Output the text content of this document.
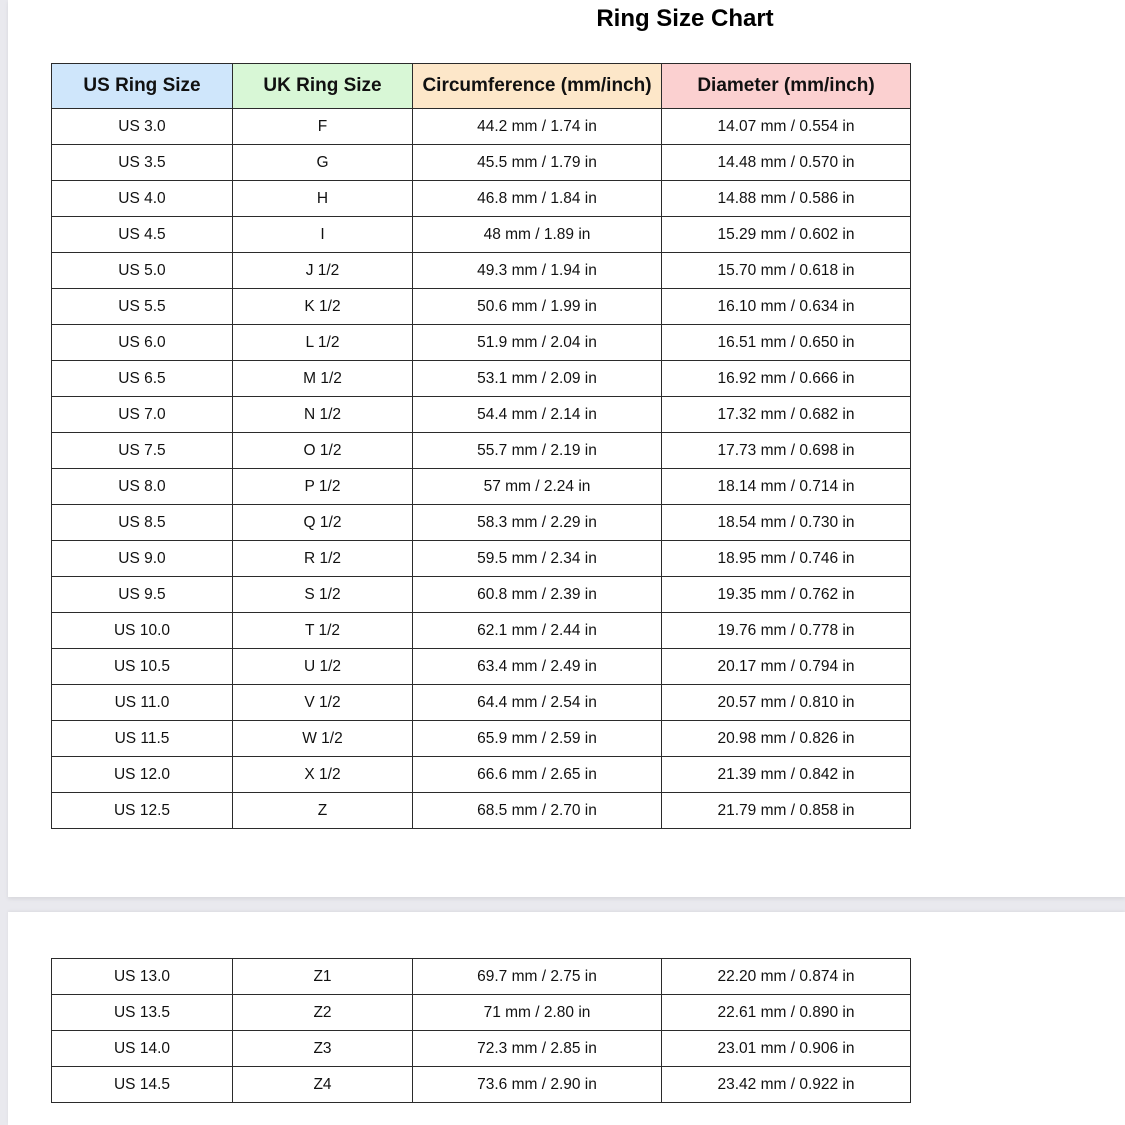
Ring Size Chart
US Ring Size	UK Ring Size	Circumference (mm/inch)	Diameter (mm/inch)
US 3.0	F	44.2 mm / 1.74 in	14.07 mm / 0.554 in
US 3.5	G	45.5 mm / 1.79 in	14.48 mm / 0.570 in
US 4.0	H	46.8 mm / 1.84 in	14.88 mm / 0.586 in
US 4.5	I	48 mm / 1.89 in	15.29 mm / 0.602 in
US 5.0	J 1/2	49.3 mm / 1.94 in	15.70 mm / 0.618 in
US 5.5	K 1/2	50.6 mm / 1.99 in	16.10 mm / 0.634 in
US 6.0	L 1/2	51.9 mm / 2.04 in	16.51 mm / 0.650 in
US 6.5	M 1/2	53.1 mm / 2.09 in	16.92 mm / 0.666 in
US 7.0	N 1/2	54.4 mm / 2.14 in	17.32 mm / 0.682 in
US 7.5	O 1/2	55.7 mm / 2.19 in	17.73 mm / 0.698 in
US 8.0	P 1/2	57 mm / 2.24 in	18.14 mm / 0.714 in
US 8.5	Q 1/2	58.3 mm / 2.29 in	18.54 mm / 0.730 in
US 9.0	R 1/2	59.5 mm / 2.34 in	18.95 mm / 0.746 in
US 9.5	S 1/2	60.8 mm / 2.39 in	19.35 mm / 0.762 in
US 10.0	T 1/2	62.1 mm / 2.44 in	19.76 mm / 0.778 in
US 10.5	U 1/2	63.4 mm / 2.49 in	20.17 mm / 0.794 in
US 11.0	V 1/2	64.4 mm / 2.54 in	20.57 mm / 0.810 in
US 11.5	W 1/2	65.9 mm / 2.59 in	20.98 mm / 0.826 in
US 12.0	X 1/2	66.6 mm / 2.65 in	21.39 mm / 0.842 in
US 12.5	Z	68.5 mm / 2.70 in	21.79 mm / 0.858 in
US 13.0	Z1	69.7 mm / 2.75 in	22.20 mm / 0.874 in
US 13.5	Z2	71 mm / 2.80 in	22.61 mm / 0.890 in
US 14.0	Z3	72.3 mm / 2.85 in	23.01 mm / 0.906 in
US 14.5	Z4	73.6 mm / 2.90 in	23.42 mm / 0.922 in
